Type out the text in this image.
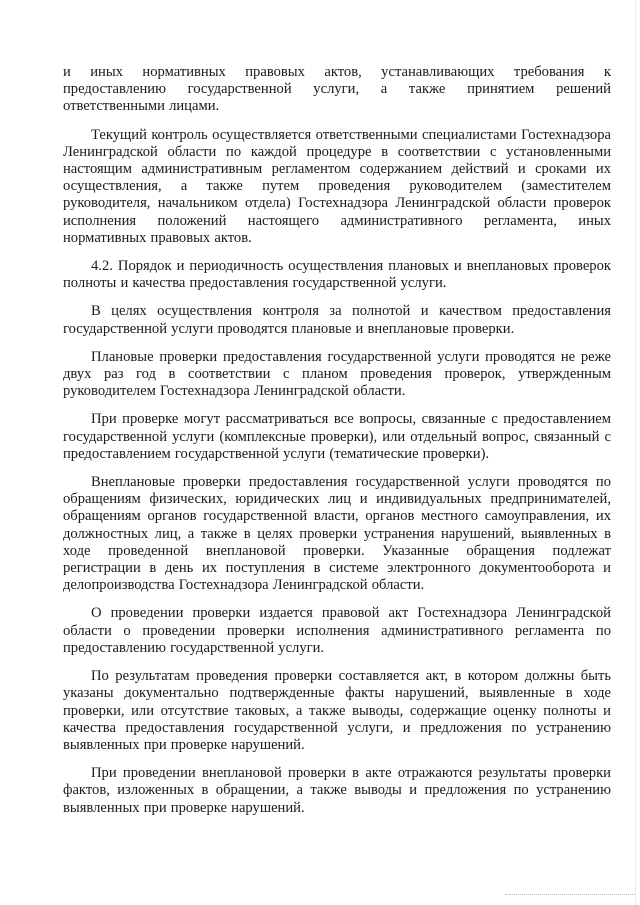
и иных нормативных правовых актов, устанавливающих требования к предоставлению государственной услуги, а также принятием решений ответственными лицами.

Текущий контроль осуществляется ответственными специалистами Гостехнадзора Ленинградской области по каждой процедуре в соответствии с установленными настоящим административным регламентом содержанием действий и сроками их осуществления, а также путем проведения руководителем (заместителем руководителя, начальником отдела) Гостехнадзора Ленинградской области проверок исполнения положений настоящего административного регламента, иных нормативных правовых актов.

4.2. Порядок и периодичность осуществления плановых и внеплановых проверок полноты и качества предоставления государственной услуги.

В целях осуществления контроля за полнотой и качеством предоставления государственной услуги проводятся плановые и внеплановые проверки.

Плановые проверки предоставления государственной услуги проводятся не реже двух раз год в соответствии с планом проведения проверок, утвержденным руководителем Гостехнадзора Ленинградской области.

При проверке могут рассматриваться все вопросы, связанные с предоставлением государственной услуги (комплексные проверки), или отдельный вопрос, связанный с предоставлением государственной услуги (тематические проверки).

Внеплановые проверки предоставления государственной услуги проводятся по обращениям физических, юридических лиц и индивидуальных предпринимателей, обращениям органов государственной власти, органов местного самоуправления, их должностных лиц, а также в целях проверки устранения нарушений, выявленных в ходе проведенной внеплановой проверки. Указанные обращения подлежат регистрации в день их поступления в системе электронного документооборота и делопроизводства Гостехнадзора Ленинградской области.

О проведении проверки издается правовой акт Гостехнадзора Ленинградской области о проведении проверки исполнения административного регламента по предоставлению государственной услуги.

По результатам проведения проверки составляется акт, в котором должны быть указаны документально подтвержденные факты нарушений, выявленные в ходе проверки, или отсутствие таковых, а также выводы, содержащие оценку полноты и качества предоставления государственной услуги, и предложения по устранению выявленных при проверке нарушений.

При проведении внеплановой проверки в акте отражаются результаты проверки фактов, изложенных в обращении, а также выводы и предложения по устранению выявленных при проверке нарушений.
